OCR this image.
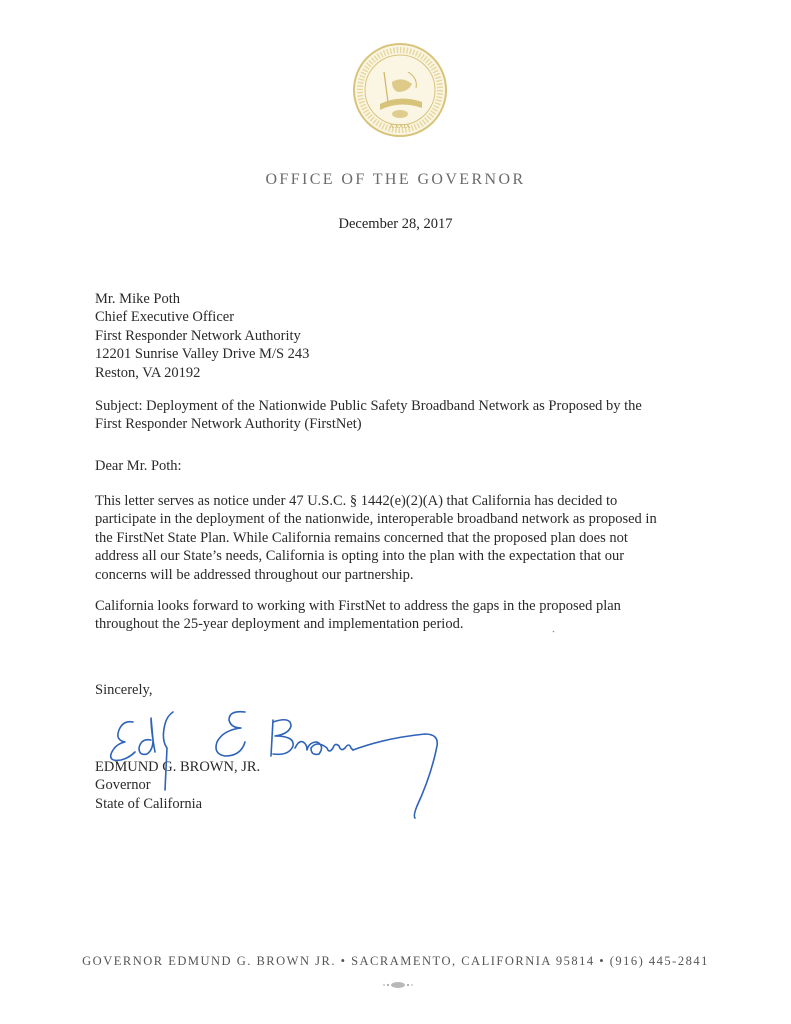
XXXIX
OFFICE OF THE GOVERNOR
December 28, 2017
Mr. Mike Poth
Chief Executive Officer
First Responder Network Authority
12201 Sunrise Valley Drive M/S 243
Reston, VA 20192
Subject: Deployment of the Nationwide Public Safety Broadband Network as Proposed by the
First Responder Network Authority (FirstNet)
Dear Mr. Poth:
This letter serves as notice under 47 U.S.C. § 1442(e)(2)(A) that California has decided to
participate in the deployment of the nationwide, interoperable broadband network as proposed in
the FirstNet State Plan. While California remains concerned that the proposed plan does not
address all our State’s needs, California is opting into the plan with the expectation that our
concerns will be addressed throughout our partnership.
California looks forward to working with FirstNet to address the gaps in the proposed plan
throughout the 25-year deployment and implementation period.
Sincerely,
EDMUND G. BROWN, JR.
Governor
State of California
GOVERNOR EDMUND G. BROWN JR. • SACRAMENTO, CALIFORNIA 95814 • (916) 445-2841
